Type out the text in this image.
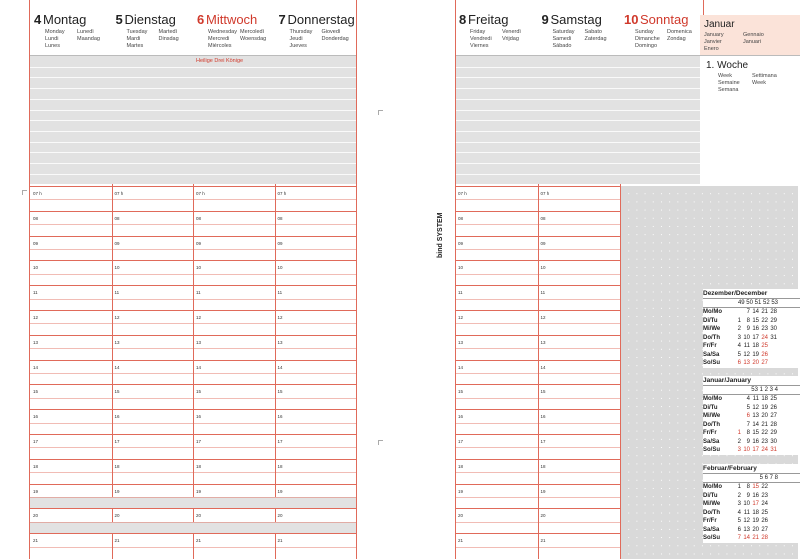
4 Montag
Monday
Lundi
Lunes
Lunedì
Maandag
07 h
08
09
10
11
12
13
14
15
16
17
18
19
20
21
5 Dienstag
Tuesday
Mardi
Martes
Martedì
Dinsdag
07 h
08
09
10
11
12
13
14
15
16
17
18
19
20
21
6 Mittwoch
Wednesday
Mercredi
Miércoles
Mercoledì
Woensdag
Heilige Drei Könige
07 h
08
09
10
11
12
13
14
15
16
17
18
19
20
21
7 Donnerstag
Thursday
Jeudi
Jueves
Giovedì
Donderdag
07 h
08
09
10
11
12
13
14
15
16
17
18
19
20
21
8 Freitag
Friday
Vendredi
Viernes
Venerdì
Vrijdag
07 h
08
09
10
11
12
13
14
15
16
17
18
19
20
21
9 Samstag
Saturday
Samedi
Sábado
Sabato
Zaterdag
07 h
08
09
10
11
12
13
14
15
16
17
18
19
20
21
10 Sonntag
Sunday
Dimanche
Domingo
Domenica
Zondag
Januar
January
Janvier
Enero
Gennaio
Januari
1. Woche
Week
Semaine
Semana
Settimana
Week
Dezember/December
49 50 51 52 53
Mo/Mo	7 14 21 28
Di/Tu	1 8 15 22 29
Mi/We	2 9 16 23 30
Do/Th	3 10 17 24 31
Fr/Fr	4 11 18 25
Sa/Sa	5 12 19 26
So/Su	6 13 20 27
Januar/January
53 1 2 3 4
Mo/Mo	4 11 18 25
Di/Tu	5 12 19 26
Mi/We	6 13 20 27
Do/Th	7 14 21 28
Fr/Fr	1 8 15 22 29
Sa/Sa	2 9 16 23 30
So/Su	3 10 17 24 31
Februar/February
5 6 7 8
Mo/Mo	1 8 15 22
Di/Tu	2 9 16 23
Mi/We	3 10 17 24
Do/Th	4 11 18 25
Fr/Fr	5 12 19 26
Sa/Sa	6 13 20 27
So/Su	7 14 21 28
bind SYSTEM
